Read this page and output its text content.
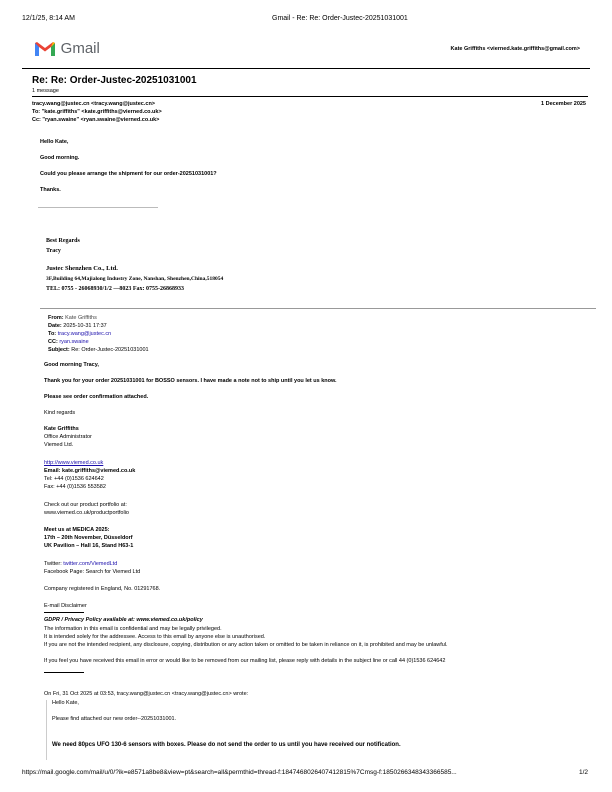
12/1/25, 8:14 AM	Gmail - Re: Re: Order-Justec-20251031001
Gmail	Kate Griffiths <vierned.kate.griffiths@gmail.com>
Re: Re: Order-Justec-20251031001
1 message
tracy.wang@justec.cn <tracy.wang@justec.cn>	1 December 2025
To: "kate.griffiths" <kate.griffiths@vierned.co.uk>
Cc: "ryan.swaine" <ryan.swaine@vierned.co.uk>
Hello Kate,
Good morning.
Could you please arrange the shipment for our order-20251031001?
Thanks.
Best Regards
Tracy
Justec Shenzhen Co., Ltd.
3F,Building 64,Majialong Industry Zone, Nanshan, Shenzhen,China,518054
TEL: 0755 - 26068930/1/2 —8023 Fax: 0755-26868933
From: Kate Griffiths
Date: 2025-10-31 17:37
To: tracy.wang@justec.cn
CC: ryan.swaine
Subject: Re: Order-Justec-20251031001
Good morning Tracy,
Thank you for your order 20251031001 for BOSSO sensors. I have made a note not to ship until you let us know.
Please see order confirmation attached.
Kind regards
Kate Griffiths
Office Administrator
Viemed Ltd.
http://www.viemed.co.uk
Email: kate.griffiths@viemed.co.uk
Tel: +44 (0)1536 624642
Fax: +44 (0)1536 553582
Check out our product portfolio at:
www.viemed.co.uk/productportfolio
Meet us at MEDICA 2025:
17th – 20th November, Düsseldorf
UK Pavilion – Hall 16, Stand H63-1
Twitter: twitter.com/ViemedLtd
Facebook Page: Search for Viemed Ltd
Company registered in England, No. 01291768.
E-mail Disclaimer
GDPR / Privacy Policy available at: www.viemed.co.uk/policy
The information in this email is confidential and may be legally privileged.
It is intended solely for the addressee. Access to this email by anyone else is unauthorised.
If you are not the intended recipient, any disclosure, copying, distribution or any action taken or omitted to be taken in reliance on it, is prohibited and may be unlawful.
If you feel you have received this email in error or would like to be removed from our mailing list, please reply with details in the subject line or call 44 (0)1536 624642
On Fri, 31 Oct 2025 at 03:53, tracy.wang@justec.cn <tracy.wang@justec.cn> wrote:
Hello Kate,
Please find attached our new order--20251031001.
We need 80pcs UFO 130-6 sensors with boxes. Please do not send the order to us until you have received our notification.
https://mail.google.com/mail/u/0/?ik=e8571a8be8&view=pt&search=all&permthid=thread-f:1847468026407412815%7Cmsg-f:1850266348343366585...	1/2
